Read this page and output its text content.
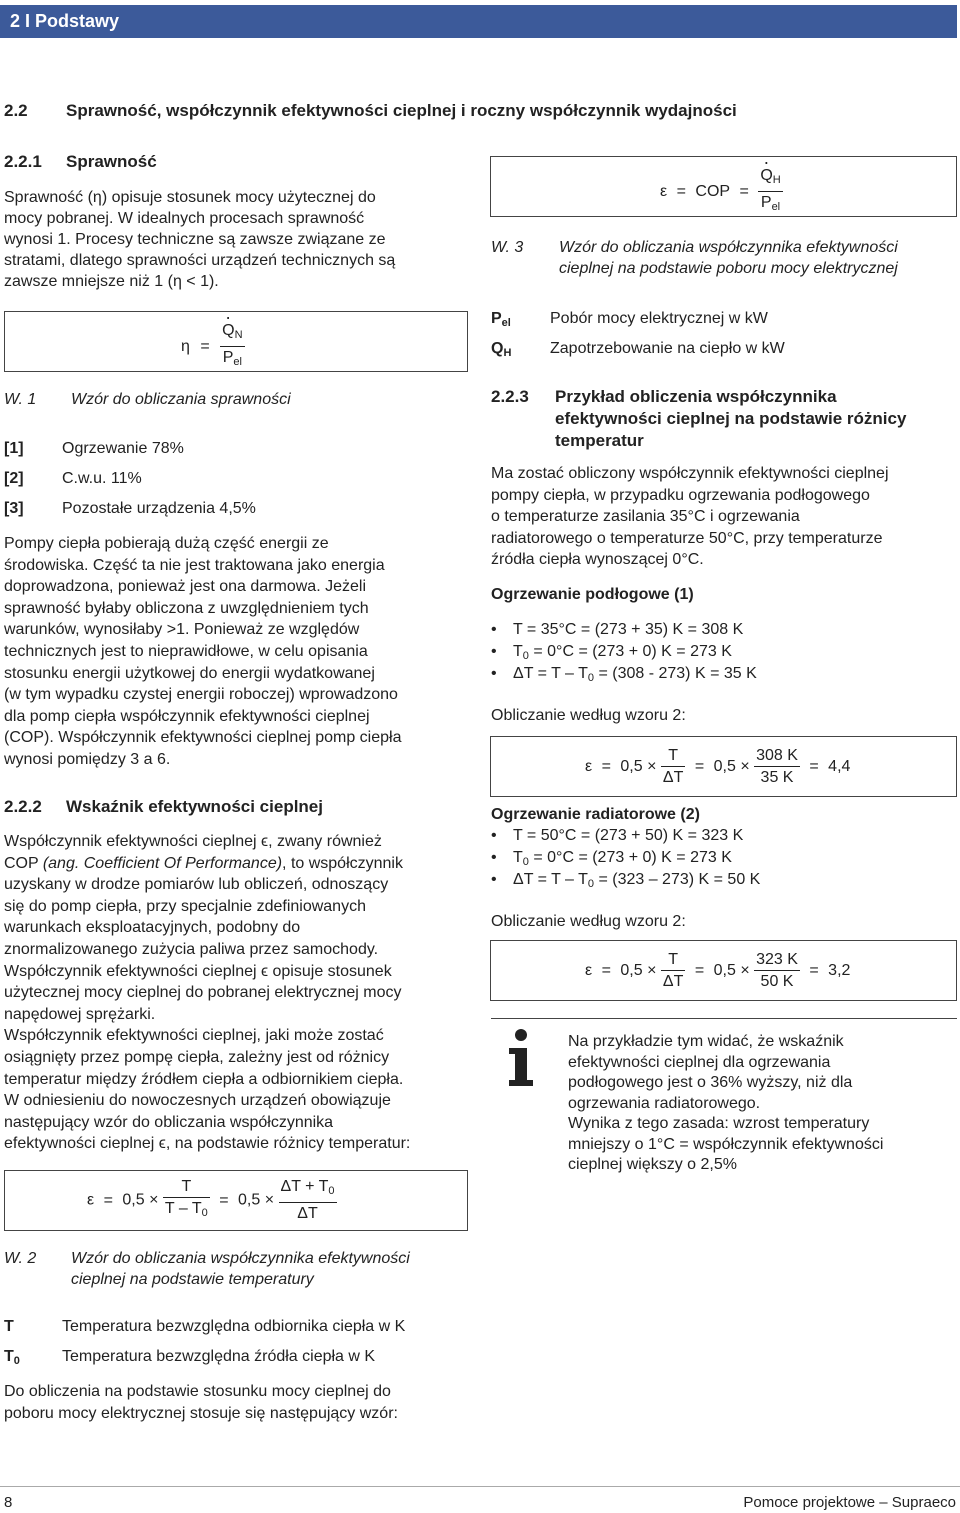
2 I Podstawy
2.2 Sprawność, współczynnik efektywności cieplnej i roczny współczynnik wydajności
2.2.1 Sprawność
Sprawność (η) opisuje stosunek mocy użytecznej do
mocy pobranej. W idealnych procesach sprawność
wynosi 1. Procesy techniczne są zawsze związane ze
stratami, dlatego sprawności urządzeń technicznych są
zawsze mniejsze niż 1 (η < 1).
η = · $\frac{Q_N}{P_{el}}$
W. 1 Wzór do obliczania sprawności
[1] Ogrzewanie 78%
[2] C.w.u. 11%
[3] Pozostałe urządzenia 4,5%
Pompy ciepła pobierają dużą część energii ze
środowiska. Część ta nie jest traktowana jako energia
doprowadzona, ponieważ jest ona darmowa. Jeżeli
sprawność byłaby obliczona z uwzględnieniem tych
warunków, wynosiłaby >1. Ponieważ ze względów
technicznych jest to nieprawidłowe, w celu opisania
stosunku energii użytkowej do energii wydatkowanej
(w tym wypadku czystej energii roboczej) wprowadzono
dla pomp ciepła współczynnik efektywności cieplnej
(COP). Współczynnik efektywności cieplnej pomp ciepła
wynosi pomiędzy 3 a 6.
2.2.2 Wskaźnik efektywności cieplnej
Współczynnik efektywności cieplnej ϵ, zwany również
COP (ang. Coefficient Of Performance), to współczynnik
uzyskany w drodze pomiarów lub obliczeń, odnoszący
się do pomp ciepła, przy specjalnie zdefiniowanych
warunkach eksploatacyjnych, podobny do
znormalizowanego zużycia paliwa przez samochody.
Współczynnik efektywności cieplnej ϵ opisuje stosunek
użytecznej mocy cieplnej do pobranej elektrycznej mocy
napędowej sprężarki.
Współczynnik efektywności cieplnej, jaki może zostać
osiągnięty przez pompę ciepła, zależny jest od różnicy
temperatur między źródłem ciepła a odbiornikiem ciepła.
W odniesieniu do nowoczesnych urządzeń obowiązuje
następujący wzór do obliczania współczynnika
efektywności cieplnej ϵ, na podstawie różnicy temperatur:
$\varepsilon = 0,5 \times \frac{T}{T - T_0} = 0,5 \times \frac{\Delta T + T_0}{\Delta T}$
W. 2 Wzór do obliczania współczynnika efektywności
cieplnej na podstawie temperatury
T	Temperatura bezwzględna odbiornika ciepła w K
$T_0$	Temperatura bezwzględna źródła ciepła w K
Do obliczenia na podstawie stosunku mocy cieplnej do
poboru mocy elektrycznej stosuje się następujący wzór:
ε = COP = · $\frac{Q_H}{P_{el}}$
W. 3 Wzór do obliczania współczynnika efektywności
cieplnej na podstawie poboru mocy elektrycznej
$P_{el}$ Pobór mocy elektrycznej w kW
$Q_H$ Zapotrzebowanie na ciepło w kW
2.2.3 Przykład obliczenia współczynnika
efektywności cieplnej na podstawie różnicy
temperatur
Ma zostać obliczony współczynnik efektywności cieplnej
pompy ciepła, w przypadku ogrzewania podłogowego
o temperaturze zasilania 35°C i ogrzewania
radiatorowego o temperaturze 50°C, przy temperaturze
źródła ciepła wynoszącej 0°C.
Ogrzewanie podłogowe (1)
• T = 35°C = (273 + 35) K = 308 K
• $T_0 = 0^\circ C = (273 + 0) K = 273$ K
• $\Delta T = T - T_0 = (308 - 273) K = 35$ K
Obliczanie według wzoru 2:
$\varepsilon = 0,5 \times \frac{T}{\Delta T} = 0,5 \times \frac{308 K}{35 K} = 4,4$
Ogrzewanie radiatorowe (2)
• T = 50°C = (273 + 50) K = 323 K
• $T_0 = 0^\circ C = (273 + 0) K = 273$ K
• $\Delta T = T - T_0 = (323 - 273) K = 50$ K
Obliczanie według wzoru 2:
$\varepsilon = 0,5 \times \frac{T}{\Delta T} = 0,5 \times \frac{323 K}{50 K} = 3,2$
Na przykładzie tym widać, że wskaźnik
efektywności cieplnej dla ogrzewania
podłogowego jest o 36% wyższy, niż dla
ogrzewania radiatorowego.
Wynika z tego zasada: wzrost temperatury
mniejszy o 1°C = współczynnik efektywności
cieplnej większy o 2,5%
8	Pomoce projektowe – Supraeco
